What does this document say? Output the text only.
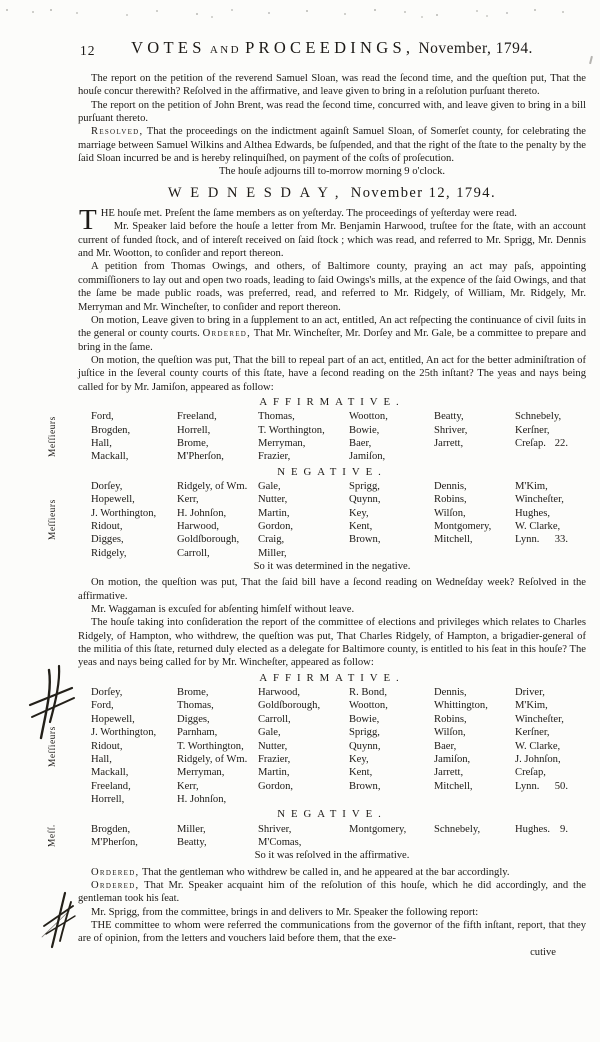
12	VOTES AND PROCEEDINGS, November, 1794.

The report on the petition of the reverend Samuel Sloan, was read the ſecond time, and the queſtion put, That the houſe concur therewith? Reſolved in the affirmative, and leave given to bring in a reſolution purſuant thereto.

The report on the petition of John Brent, was read the ſecond time, concurred with, and leave given to bring in a bill purſuant thereto.

Resolved, That the proceedings on the indictment againſt Samuel Sloan, of Somerſet county, for celebrating the marriage between Samuel Wilkins and Althea Edwards, be ſuſpended, and that the right of the ſtate to the penalty by the ſaid Sloan incurred be and is hereby relinquiſhed, on payment of the coſts of proſecution.

The houſe adjourns till to-morrow morning 9 o'clock.

WEDNESDAY, November 12, 1794.

THE houſe met. Preſent the ſame members as on yeſterday. The proceedings of yeſterday were read.

Mr. Speaker laid before the houſe a letter from Mr. Benjamin Harwood, truſtee for the ſtate, with an account current of funded ſtock, and of intereſt received on ſaid ſtock ; which was read, and referred to Mr. Sprigg, Mr. Dennis and Mr. Wootton, to conſider and report thereon.

A petition from Thomas Owings, and others, of Baltimore county, praying an act may paſs, appointing commiſſioners to lay out and open two roads, leading to ſaid Owings's mills, at the expence of the ſaid Owings, and that the ſame be made public roads, was preferred, read, and referred to Mr. Ridgely, of William, Mr. Ridgely, Mr. Merryman and Mr. Wincheſter, to conſider and report thereon.

On motion, Leave given to bring in a ſupplement to an act, entitled, An act reſpecting the continuance of civil ſuits in the general or county courts. Ordered, That Mr. Wincheſter, Mr. Dorſey and Mr. Gale, be a committee to prepare and bring in the ſame.

On motion, the queſtion was put, That the bill to repeal part of an act, entitled, An act for the better adminiſtration of juſtice in the ſeveral county courts of this ſtate, have a ſecond reading on the 25th inſtant? The yeas and nays being called for by Mr. Jamiſon, appeared as follow:

AFFIRMATIVE.
Meſſieurs	Ford,	Freeland,	Thomas,	Wootton,	Beatty,	Schnebely,
Brogden,	Horrell,	T. Worthington,	Bowie,	Shriver,	Kerſner,
Hall,	Brome,	Merryman,	Baer,	Jarrett,	Creſap. 22.
Mackall,	M'Pherſon,	Frazier,	Jamiſon,
NEGATIVE.
Meſſieurs
Dorſey,	Ridgely, of Wm.	Gale,	Sprigg,	Dennis,	M'Kim,
Hopewell,	Kerr,	Nutter,	Quynn,	Robins,	Wincheſter,
J. Worthington,	H. Johnſon,	Martin,	Key,	Wilſon,	Hughes,
Ridout,	Harwood,	Gordon,	Kent,	Montgomery,	W. Clarke,
Digges,	Goldſborough,	Craig,	Brown,	Mitchell,	Lynn.	33.
Ridgely,	Carroll,	Miller,

So it was determined in the negative.

On motion, the queſtion was put, That the ſaid bill have a ſecond reading on Wedneſday week? Reſolved in the affirmative.

Mr. Waggaman is excuſed for abſenting himſelf without leave.

The houſe taking into conſideration the report of the committee of elections and privileges which relates to Charles Ridgely, of Hampton, who withdrew, the queſtion was put, That Charles Ridgely, of Hampton, a brigadier-general of the militia of this ſtate, returned duly elected as a delegate for Baltimore county, is entitled to his ſeat in this houſe? The yeas and nays being called for by Mr. Wincheſter, appeared as follow:

AFFIRMATIVE.
Meſſieurs
Dorſey,	Brome,	Harwood,	R. Bond,	Dennis,	Driver,
Ford,	Thomas,	Goldſborough,	Wootton,	Whittington,	M'Kim,
Hopewell,	Digges,	Carroll,	Bowie,	Robins,	Wincheſter,
J. Worthington,	Parnham,	Gale,	Sprigg,	Wilſon,	Kerſner,
Ridout,	T. Worthington,	Nutter,	Quynn,	Baer,	W. Clarke,
Hall,	Ridgely, of Wm.	Frazier,	Key,	Jamiſon,	J. Johnſon,
Mackall,	Merryman,	Martin,	Kent,	Jarrett,	Creſap,
Freeland,	Kerr,	Gordon,	Brown,	Mitchell,	Lynn.	50.
Horrell,	H. Johnſon,
NEGATIVE.
Meſſ.	Brogden,	Miller,	Shriver,	Montgomery,	Schnebely,	Hughes. 9.
M'Pherſon,	Beatty,	M'Comas,

So it was reſolved in the affirmative.

Ordered, That the gentleman who withdrew be called in, and he appeared at the bar accordingly.

Ordered, That Mr. Speaker acquaint him of the reſolution of this houſe, which he did accordingly, and the gentleman took his ſeat.

Mr. Sprigg, from the committee, brings in and delivers to Mr. Speaker the following report:

THE committee to whom were referred the communications from the governor of the fifth inſtant, report, that they are of opinion, from the letters and vouchers laid before them, that the exe-

cutive
